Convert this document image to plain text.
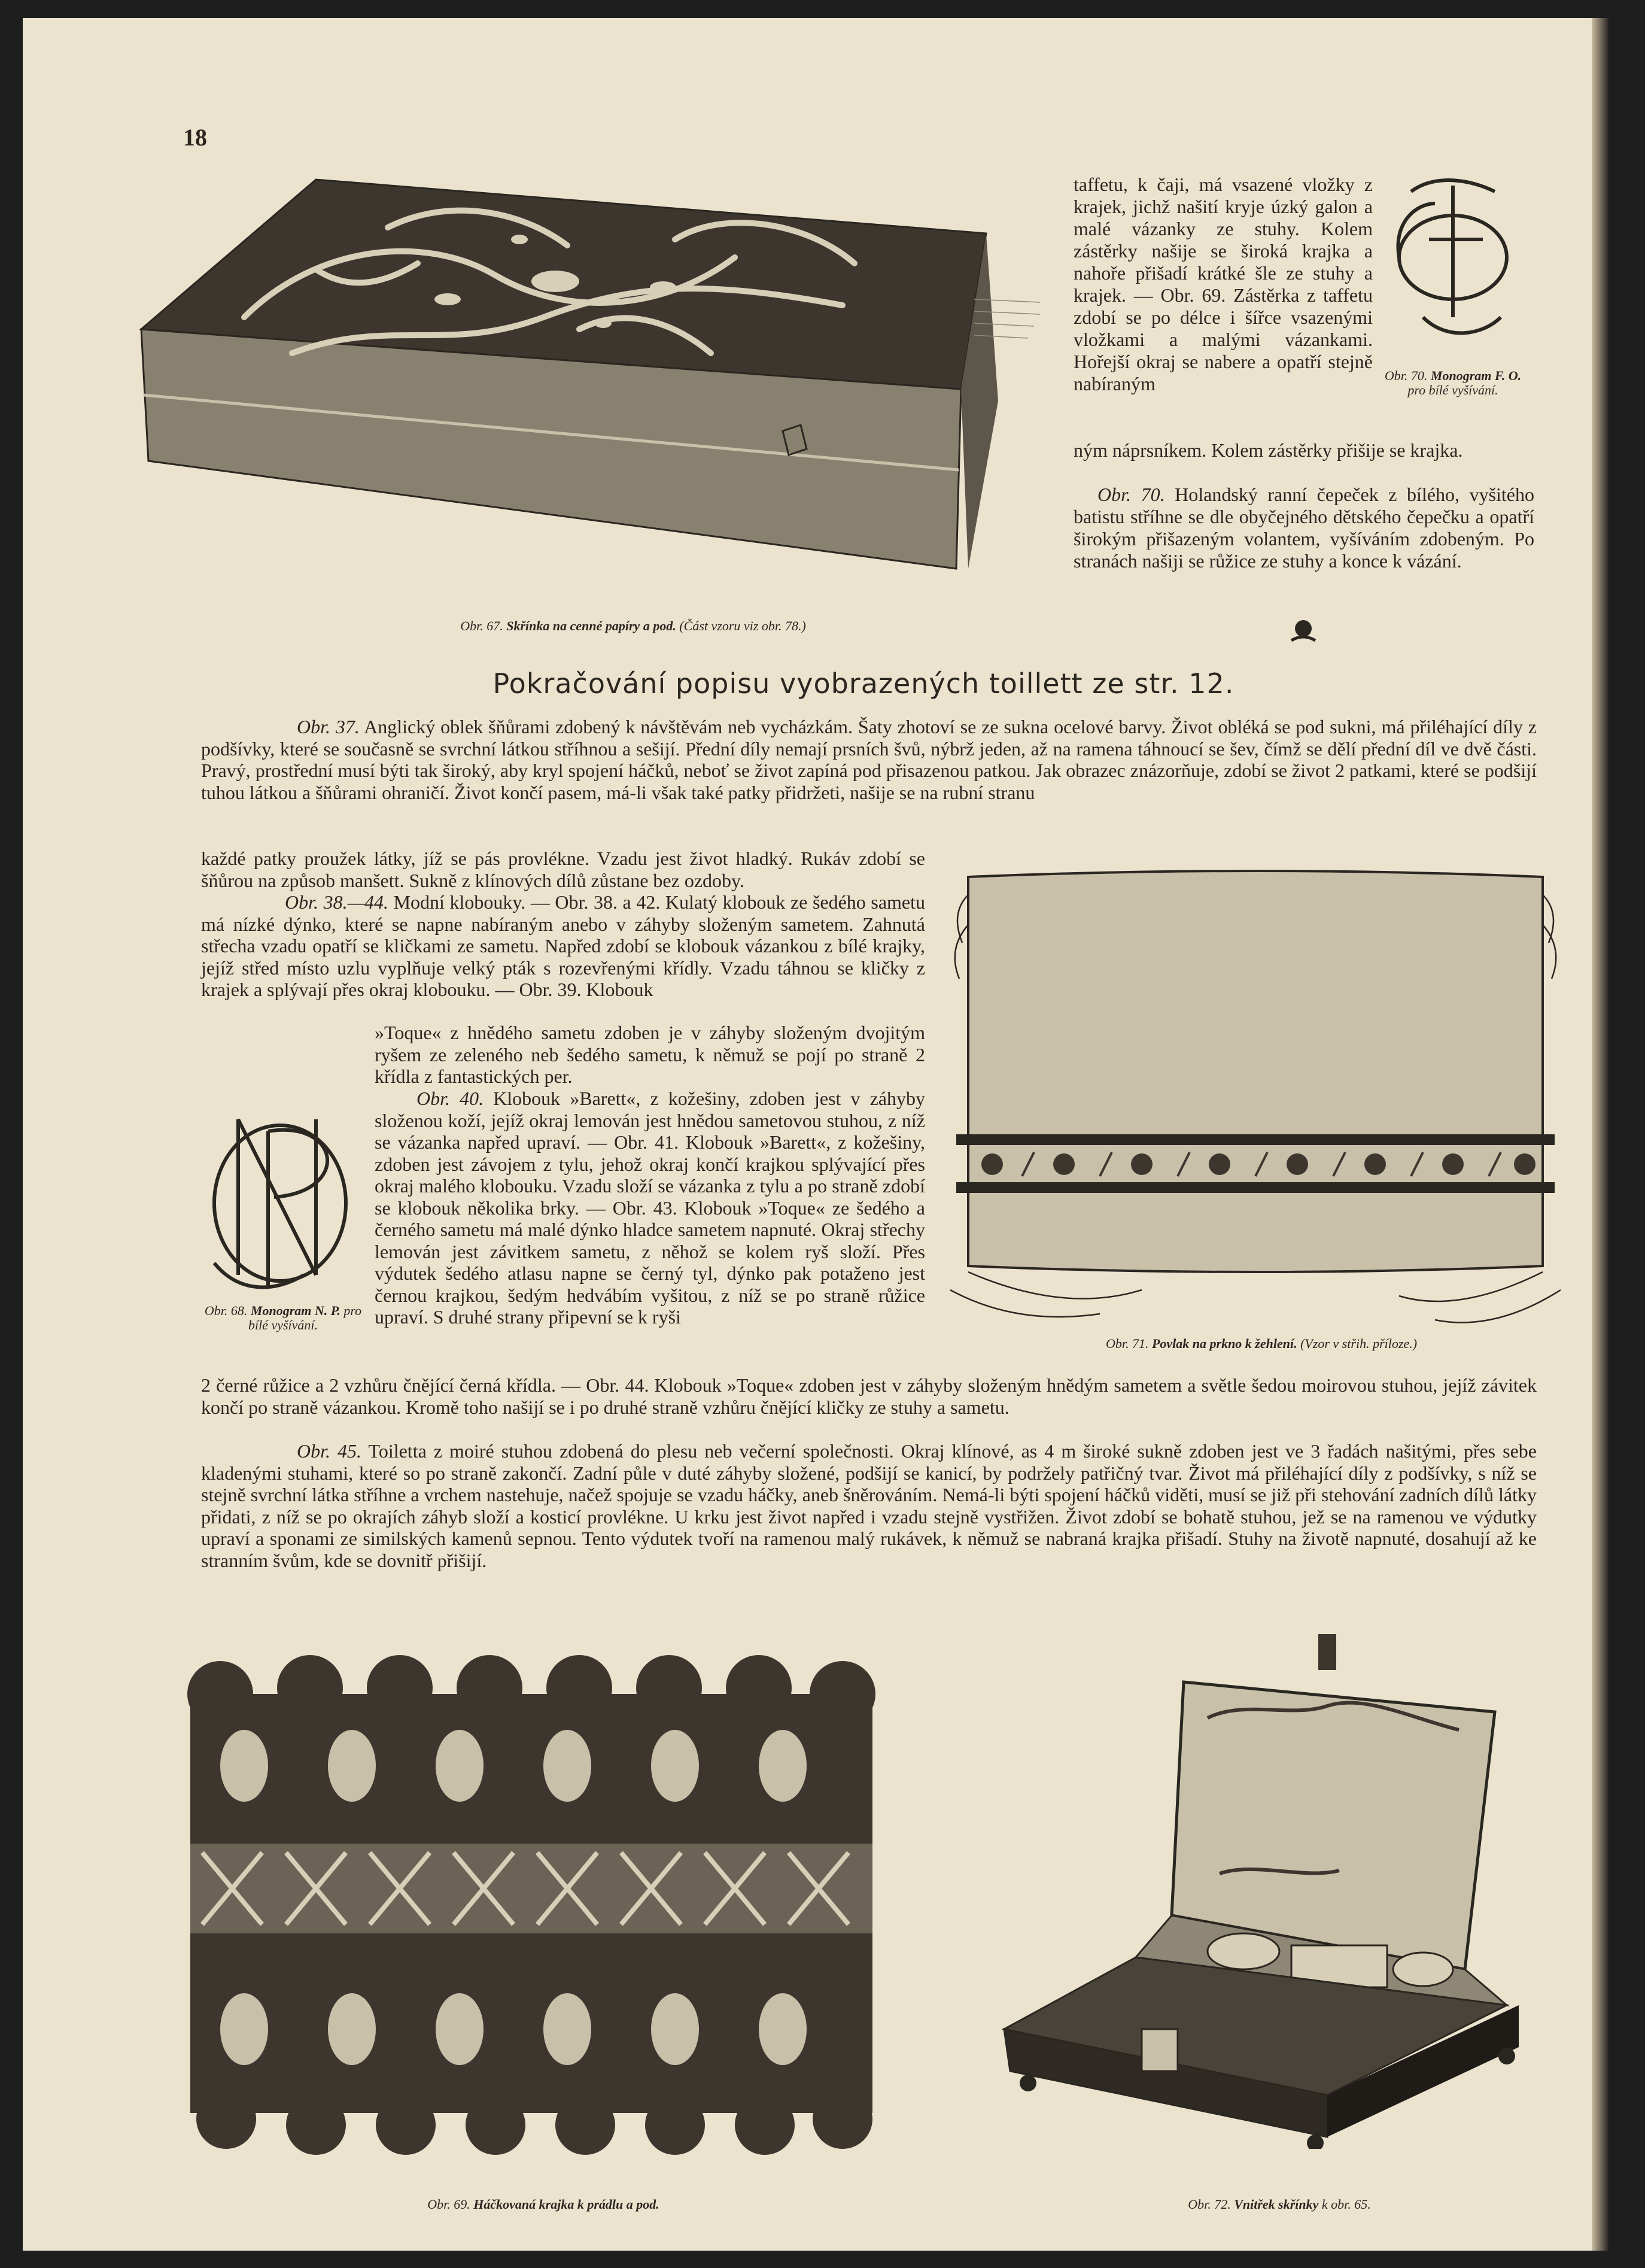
18
Obr. 67. Skřínka na cenné papíry a pod. (Část vzoru viz obr. 78.)
Obr. 70. Monogram F. O. pro bílé vyšívání.
taffetu, k čaji, má vsazené vložky z krajek, jichž našití kryje úzký galon a malé vázanky ze stuhy. Kolem zástěrky našije se široká krajka a nahoře přišadí krátké šle ze stuhy a krajek. — Obr. 69. Zástěrka z taffetu zdobí se po délce i šířce vsazenými vložkami a malými vázankami. Hořejší okraj se nabere a opatří stejně nabíraným
ným náprsníkem. Kolem zástěrky přišije se krajka.
Obr. 70. Holandský ranní čepeček z bílého, vyšitého batistu stříhne se dle obyčejného dětského čepečku a opatří širokým přišazeným volantem, vyšíváním zdobeným. Po stranách našiji se růžice ze stuhy a konce k vázání.
Pokračování popisu vyobrazených toillett ze str. 12.
Obr. 37. Anglický oblek šňůrami zdobený k návštěvám neb vycházkám. Šaty zhotoví se ze sukna ocelové barvy. Život obléká se pod sukni, má přiléhající díly z podšívky, které se současně se svrchní látkou stříhnou a sešijí. Přední díly nemají prsních švů, nýbrž jeden, až na ramena táhnoucí se šev, čímž se dělí přední díl ve dvě části. Pravý, prostřední musí býti tak široký, aby kryl spojení háčků, neboť se život zapíná pod přisazenou patkou. Jak obrazec znázorňuje, zdobí se život 2 patkami, které se podšijí tuhou látkou a šňůrami ohraničí. Život končí pasem, má-li však také patky přidržeti, našije se na rubní stranu
každé patky proužek látky, jíž se pás provlékne. Vzadu jest život hladký. Rukáv zdobí se šňůrou na způsob manšett. Sukně z klínových dílů zůstane bez ozdoby.
Obr. 38.—44. Modní klobouky. — Obr. 38. a 42. Kulatý klobouk ze šedého sametu má nízké dýnko, které se napne nabíraným anebo v záhyby složeným sametem. Zahnutá střecha vzadu opatří se kličkami ze sametu. Napřed zdobí se klobouk vázankou z bílé krajky, jejíž střed místo uzlu vyplňuje velký pták s rozevřenými křídly. Vzadu táhnou se kličky z krajek a splývají přes okraj klobouku. — Obr. 39. Klobouk
»Toque« z hnědého sametu zdoben je v záhyby složeným dvojitým ryšem ze zeleného neb šedého sametu, k němuž se pojí po straně 2 křídla z fantastických per.
Obr. 40. Klobouk »Barett«, z kožešiny, zdoben jest v záhyby složenou koží, jejíž okraj lemován jest hnědou sametovou stuhou, z níž se vázanka napřed upraví. — Obr. 41. Klobouk »Barett«, z kožešiny, zdoben jest závojem z tylu, jehož okraj končí krajkou splývající přes okraj malého klobouku. Vzadu složí se vázanka z tylu a po straně zdobí se klobouk několika brky. — Obr. 43. Klobouk »Toque« ze šedého a černého sametu má malé dýnko hladce sametem napnuté. Okraj střechy lemován jest závitkem sametu, z něhož se kolem ryš složí. Přes výdutek šedého atlasu napne se černý tyl, dýnko pak potaženo jest černou krajkou, šedým hedvábím vyšitou, z níž se po straně růžice upraví. S druhé strany připevní se k ryši
Obr. 68. Monogram N. P. pro bílé vyšívání.
Obr. 71. Povlak na prkno k žehlení. (Vzor v střih. příloze.)
2 černé růžice a 2 vzhůru čnějící černá křídla. — Obr. 44. Klobouk »Toque« zdoben jest v záhyby složeným hnědým sametem a světle šedou moirovou stuhou, jejíž závitek končí po straně vázankou. Kromě toho našijí se i po druhé straně vzhůru čnějící kličky ze stuhy a sametu.
Obr. 45. Toiletta z moiré stuhou zdobená do plesu neb večerní společnosti. Okraj klínové, as 4 m široké sukně zdoben jest ve 3 řadách našitými, přes sebe kladenými stuhami, které so po straně zakončí. Zadní půle v duté záhyby složené, podšijí se kanicí, by podržely patřičný tvar. Život má přiléhající díly z podšívky, s níž se stejně svrchní látka stříhne a vrchem nastehuje, načež spojuje se vzadu háčky, aneb šněrováním. Nemá-li býti spojení háčků viděti, musí se již při stehování zadních dílů látky přidati, z níž se po okrajích záhyb složí a kosticí provlékne. U krku jest život napřed i vzadu stejně vystřižen. Život zdobí se bohatě stuhou, jež se na ramenou ve výdutky upraví a sponami ze similských kamenů sepnou. Tento výdutek tvoří na ramenou malý rukávek, k němuž se nabraná krajka přišadí. Stuhy na životě napnuté, dosahují až ke stranním švům, kde se dovnitř přišijí.
Obr. 69. Háčkovaná krajka k prádlu a pod.	Obr. 72. Vnitřek skřínky k obr. 65.
